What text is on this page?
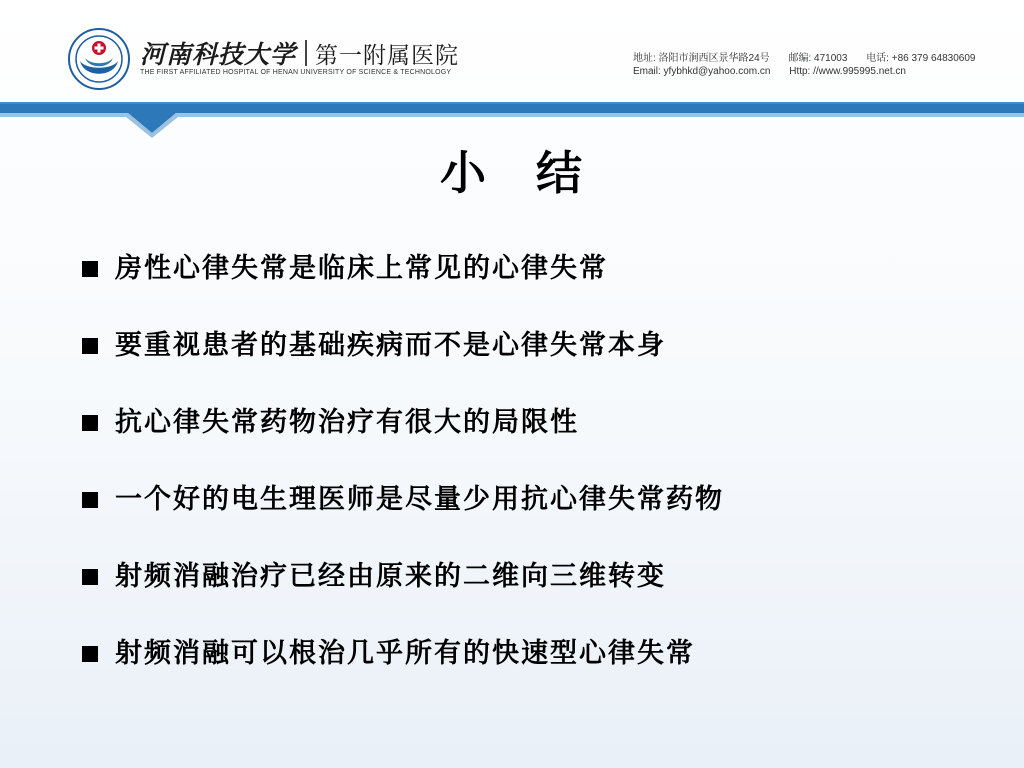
河南科技大学 第一附属医院
THE FIRST AFFILIATED HOSPITAL OF HENAN UNIVERSITY OF SCIENCE & TECHNOLOGY
地址: 洛阳市涧西区景华路24号 邮编: 471003 电话: +86 379 64830609
Email: yfybhkd@yahoo.com.cn Http: //www.995995.net.cn
小　结
房性心律失常是临床上常见的心律失常
要重视患者的基础疾病而不是心律失常本身
抗心律失常药物治疗有很大的局限性
一个好的电生理医师是尽量少用抗心律失常药物
射频消融治疗已经由原来的二维向三维转变
射频消融可以根治几乎所有的快速型心律失常
